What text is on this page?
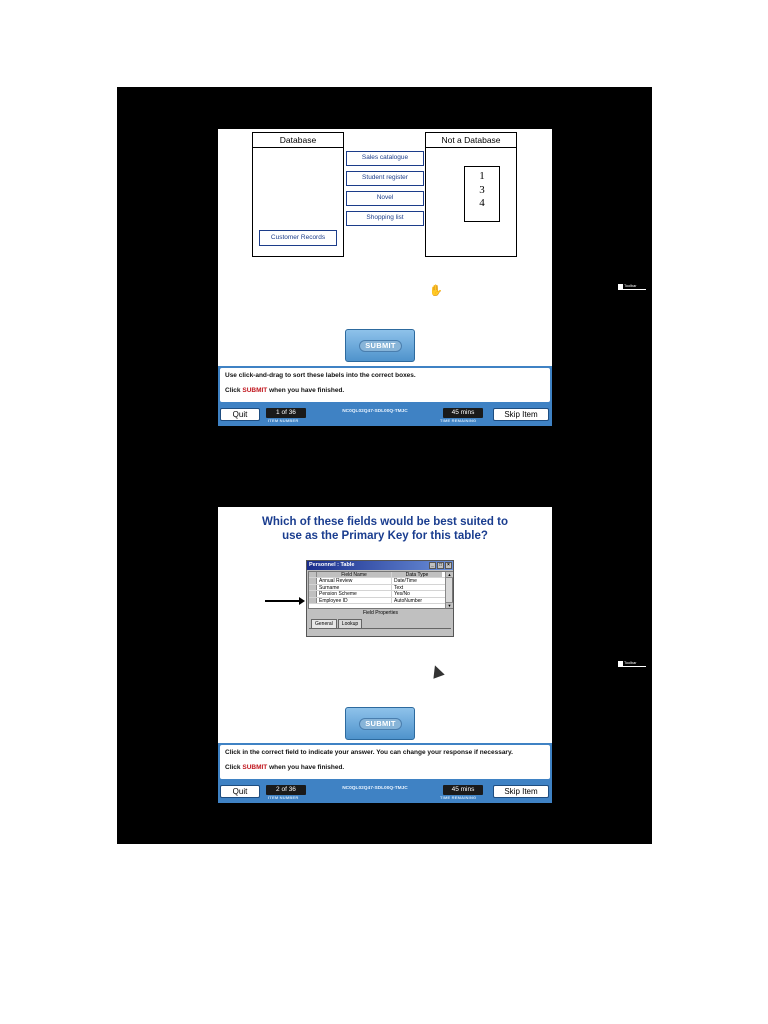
Database
Customer Records
Sales catalogue
Student register
Novel
Shopping list
Not a Database
1
3
4
✋
SUBMIT
Use click-and-drag to sort these labels into the correct boxes.
Click SUBMIT when you have finished.
Quit	1 of 36
ITEM NUMBER
NC0QL02Q47-SDL00Q-TMJC	45 mins
TIME REMAINING
Skip Item
Toolbar
Which of these fields would be best suited to
use as the Primary Key for this table?
Personnel : Table	_	□	×
Field Name	Data Type
Annual Review	Date/Time
Surname	Text
Pension Scheme	Yes/No
Employee ID	AutoNumber
▲
▼
Field Properties
General	Lookup
SUBMIT
Click in the correct field to indicate your answer. You can change your response if necessary.
Click SUBMIT when you have finished.
Quit	2 of 36
ITEM NUMBER
NC0QL02Q47-SDL00Q-TMJC	45 mins
TIME REMAINING
Skip Item
Toolbar
